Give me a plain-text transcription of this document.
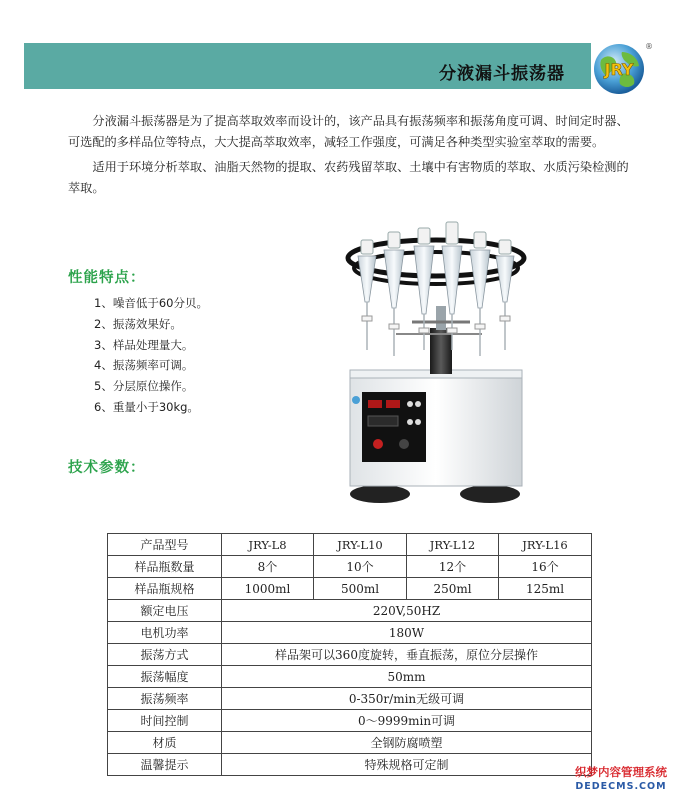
分液漏斗振荡器 JRY
®

分液漏斗振荡器是为了提高萃取效率而设计的，该产品具有振荡频率和振荡角度可调、时间定时器、可选配的多样品位等特点，大大提高萃取效率，减轻工作强度，可满足各种类型实验室萃取的需要。

适用于环境分析萃取、油脂天然物的提取、农药残留萃取、土壤中有害物质的萃取、水质污染检测的萃取。

性能特点：
1、噪音低于60分贝。
2、振荡效果好。
3、样品处理量大。
4、振荡频率可调。
5、分层原位操作。
6、重量小于30kg。
技术参数：
产品型号	JRY-L8	JRY-L10	JRY-L12	JRY-L16
样品瓶数量	8个	10个	12个	16个
样品瓶规格	1000ml	500ml	250ml	125ml
额定电压	220V,50HZ			
电机功率	180W			
振荡方式	样品架可以360度旋转，垂直振荡，原位分层操作			
振荡幅度	50mm			
振荡频率	0-350r/min无级可调			
时间控制	0～9999min可调			
材质	全钢防腐喷塑			
温馨提示	特殊规格可定制				织梦内容管理系统
DEDECMS.COM
